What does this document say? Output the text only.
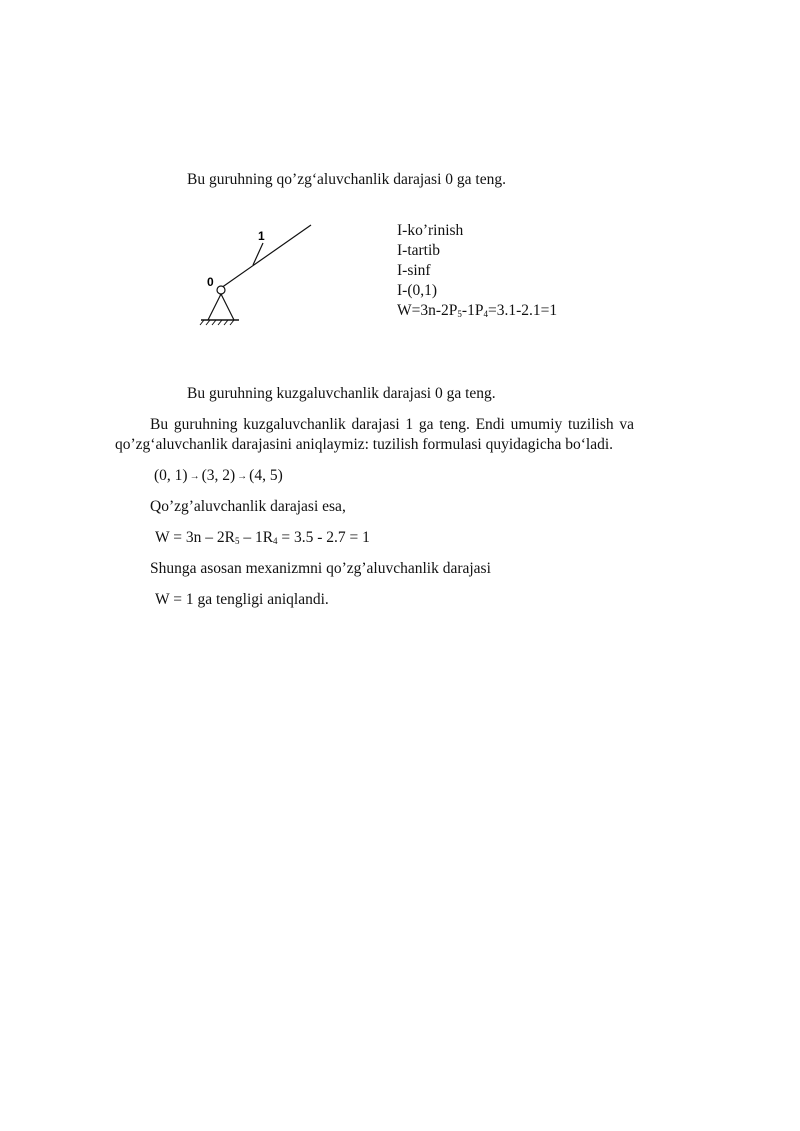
Bu guruhning qo’zg‘aluvchanlik darajasi 0 ga teng.
1
0
I-ko’rinish
I-tartib
I-sinf
I-(0,1)
$W=3n-2P_5-1P_4=3.1-2.1=1$
Bu guruhning kuzgaluvchanlik darajasi 0 ga teng.
Bu guruhning kuzgaluvchanlik darajasi 1 ga teng. Endi umumiy tuzilish va
qo’zg‘aluvchanlik darajasini aniqlaymiz: tuzilish formulasi quyidagicha bo‘ladi.
(0, 1) → (3, 2) → (4, 5)
Qo’zg’aluvchanlik darajasi esa,
$W = 3n - 2R_5 - 1R_4 = 3.5 - 2.7 = 1$
Shunga asosan mexanizmni qo’zg’aluvchanlik darajasi
W = 1 ga tengligi aniqlandi.
